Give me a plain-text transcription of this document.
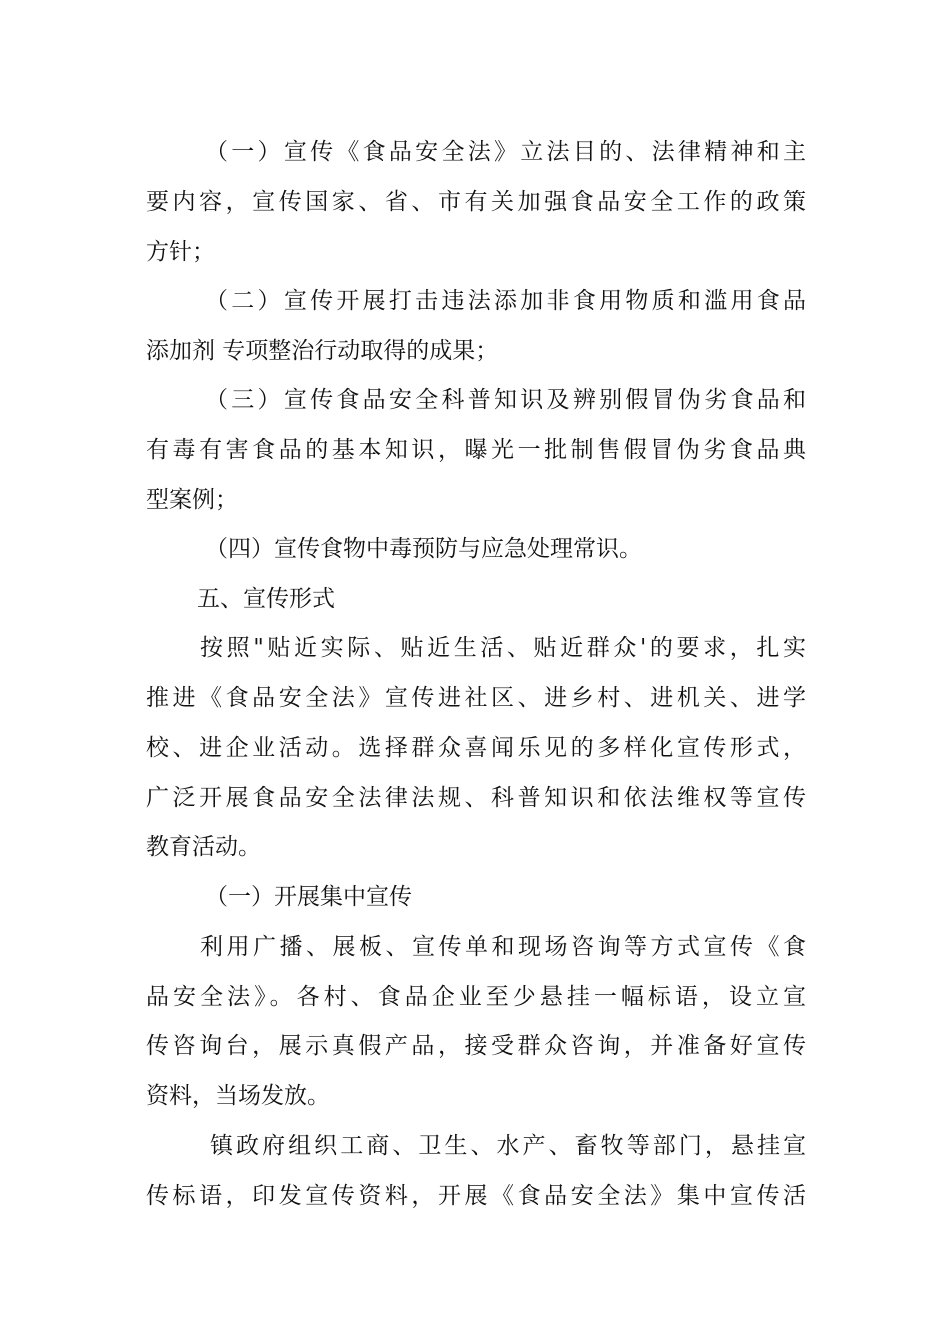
（一）宣传《食品安全法》立法目的、法律精神和主
要内容，宣传国家、省、市有关加强食品安全工作的政策
方针；
（二）宣传开展打击违法添加非食用物质和滥用食品
添加剂 专项整治行动取得的成果；
（三）宣传食品安全科普知识及辨别假冒伪劣食品和
有毒有害食品的基本知识，曝光一批制售假冒伪劣食品典
型案例；
（四）宣传食物中毒预防与应急处理常识。
五、宣传形式
按照"贴近实际、贴近生活、贴近群众'的要求，扎实
推进《食品安全法》宣传进社区、进乡村、进机关、进学
校、进企业活动。选择群众喜闻乐见的多样化宣传形式，
广泛开展食品安全法律法规、科普知识和依法维权等宣传
教育活动。
（一）开展集中宣传
利用广播、展板、宣传单和现场咨询等方式宣传《食
品安全法》。各村、食品企业至少悬挂一幅标语，设立宣
传咨询台，展示真假产品，接受群众咨询，并准备好宣传
资料，当场发放。
镇政府组织工商、卫生、水产、畜牧等部门，悬挂宣
传标语，印发宣传资料，开展《食品安全法》集中宣传活
